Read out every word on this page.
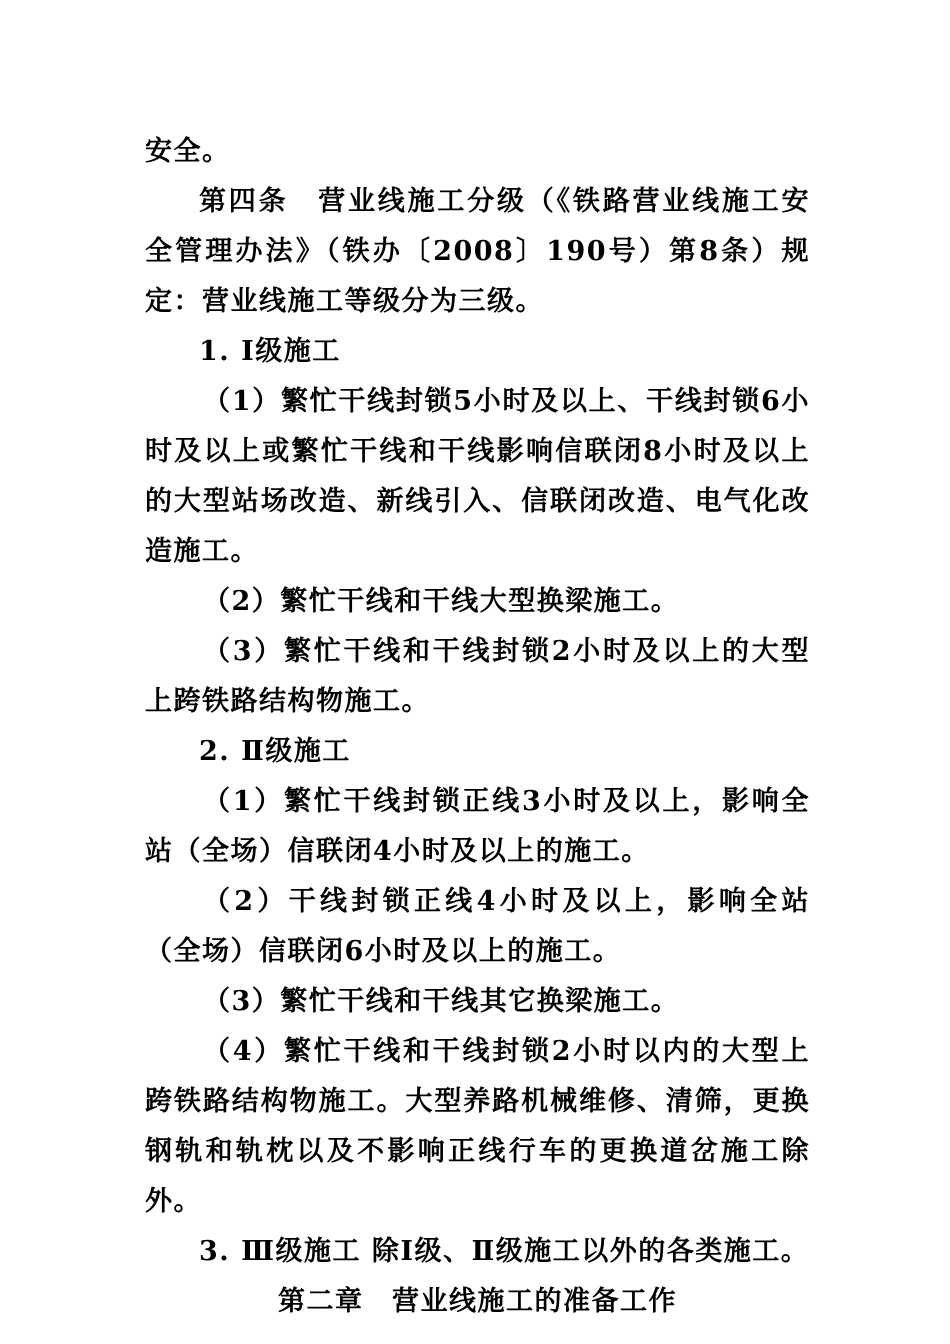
安全。

第四条　营业线施工分级（《铁路营业线施工安全管理办法》（铁办〔2008〕190号）第8条）规定：营业线施工等级分为三级。

1. Ⅰ级施工

（1）繁忙干线封锁5小时及以上、干线封锁6小时及以上或繁忙干线和干线影响信联闭8小时及以上的大型站场改造、新线引入、信联闭改造、电气化改造施工。

（2）繁忙干线和干线大型换梁施工。

（3）繁忙干线和干线封锁2小时及以上的大型上跨铁路结构物施工。

2. Ⅱ级施工

（1）繁忙干线封锁正线3小时及以上，影响全站（全场）信联闭4小时及以上的施工。

（2）干线封锁正线4小时及以上，影响全站（全场）信联闭6小时及以上的施工。

（3）繁忙干线和干线其它换梁施工。

（4）繁忙干线和干线封锁2小时以内的大型上跨铁路结构物施工。大型养路机械维修、清筛，更换钢轨和轨枕以及不影响正线行车的更换道岔施工除外。

3. Ⅲ级施工 除Ⅰ级、Ⅱ级施工以外的各类施工。

第二章　营业线施工的准备工作
